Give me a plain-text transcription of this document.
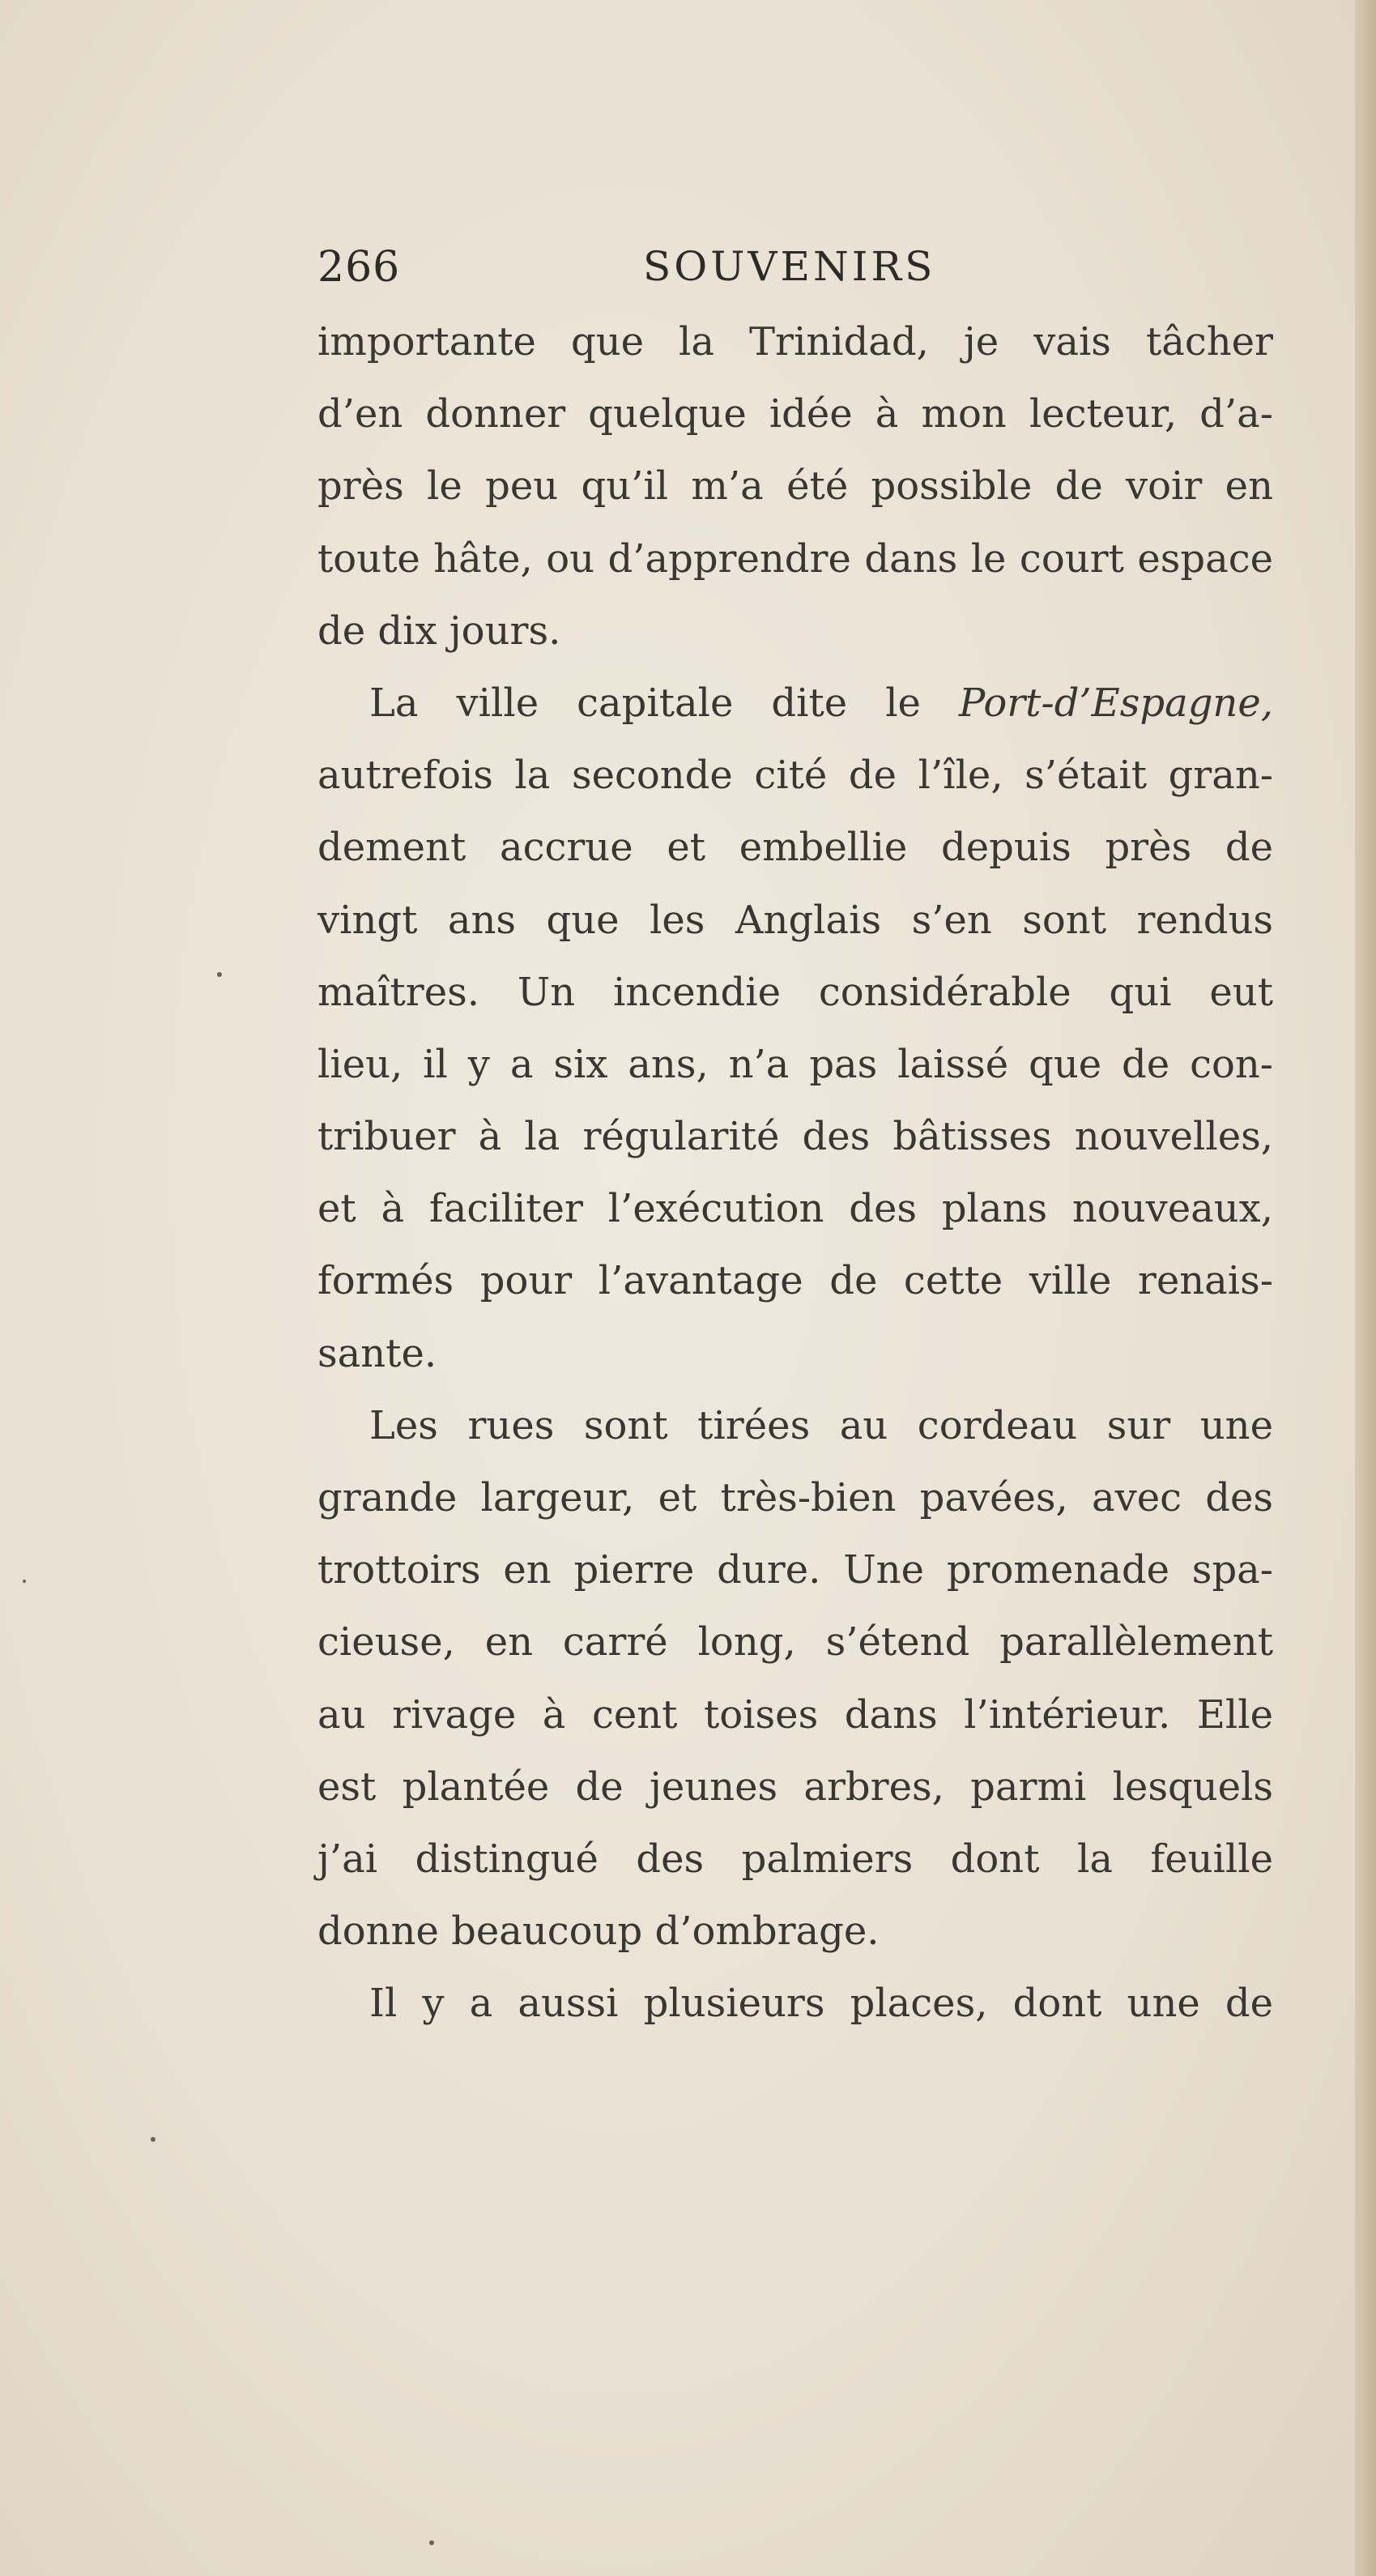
266	SOUVENIRS
importante que la Trinidad, je vais tâcher
d’en donner quelque idée à mon lecteur, d’a-
près le peu qu’il m’a été possible de voir en
toute hâte, ou d’apprendre dans le court espace
de dix jours.
La ville capitale dite le Port-d’Espagne,
autrefois la seconde cité de l’île, s’était gran-
dement accrue et embellie depuis près de
vingt ans que les Anglais s’en sont rendus
maîtres. Un incendie considérable qui eut
lieu, il y a six ans, n’a pas laissé que de con-
tribuer à la régularité des bâtisses nouvelles,
et à faciliter l’exécution des plans nouveaux,
formés pour l’avantage de cette ville renais-
sante.
Les rues sont tirées au cordeau sur une
grande largeur, et très-bien pavées, avec des
trottoirs en pierre dure. Une promenade spa-
cieuse, en carré long, s’étend parallèlement
au rivage à cent toises dans l’intérieur. Elle
est plantée de jeunes arbres, parmi lesquels
j’ai distingué des palmiers dont la feuille
donne beaucoup d’ombrage.
Il y a aussi plusieurs places, dont une de
